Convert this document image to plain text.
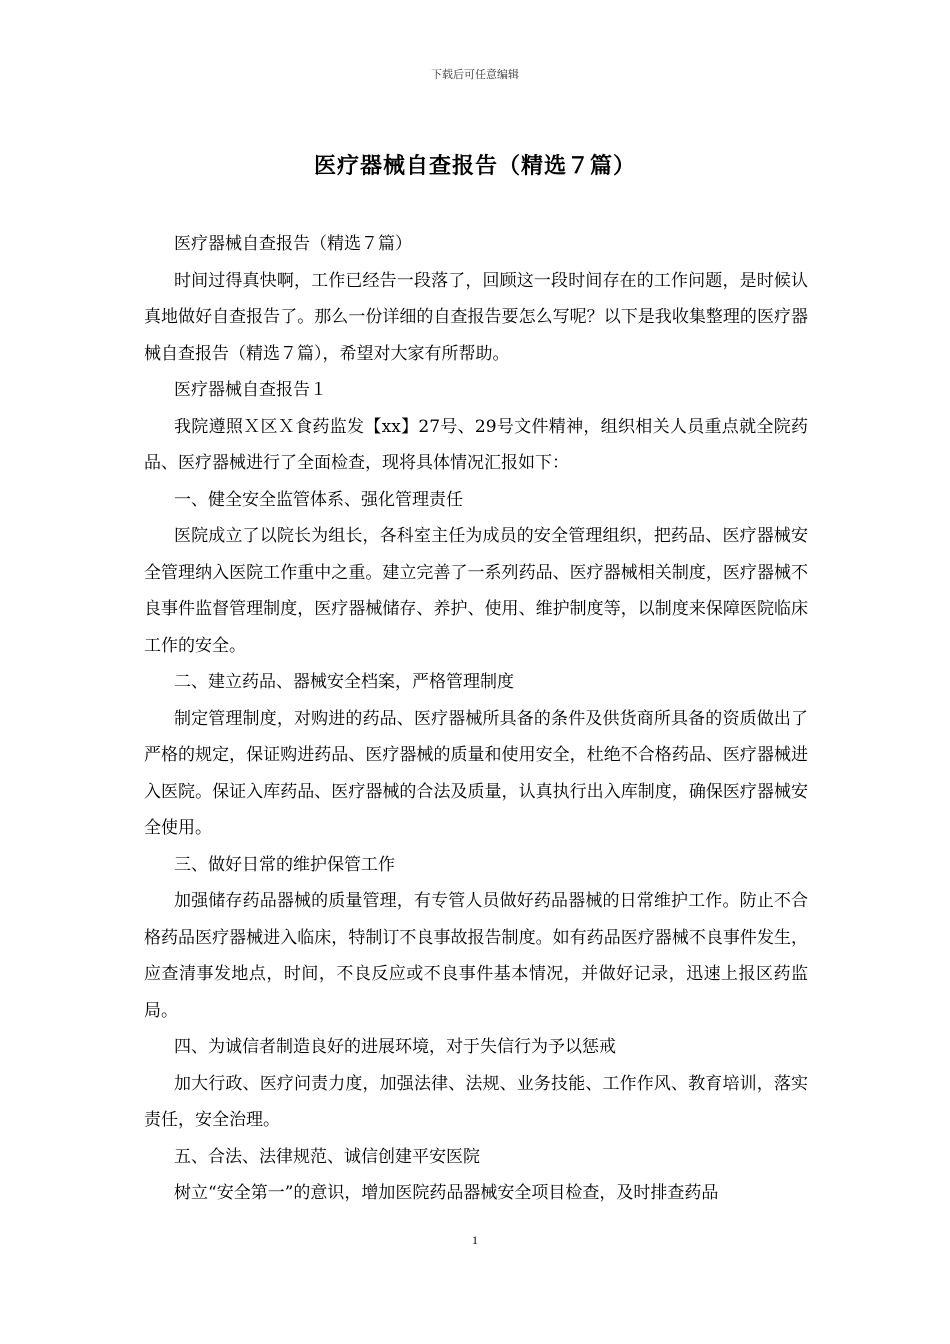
下载后可任意编辑
医疗器械自查报告（精选７篇）

医疗器械自查报告（精选７篇）

时间过得真快啊，工作已经告一段落了，回顾这一段时间存在的工作问题，是时候认真地做好自查报告了。那么一份详细的自查报告要怎么写呢？以下是我收集整理的医疗器械自查报告（精选７篇），希望对大家有所帮助。

医疗器械自查报告１

我院遵照Ｘ区Ｘ食药监发【xx】27号、29号文件精神，组织相关人员重点就全院药品、医疗器械进行了全面检查，现将具体情况汇报如下：

一、健全安全监管体系、强化管理责任

医院成立了以院长为组长，各科室主任为成员的安全管理组织，把药品、医疗器械安全管理纳入医院工作重中之重。建立完善了一系列药品、医疗器械相关制度，医疗器械不良事件监督管理制度，医疗器械储存、养护、使用、维护制度等，以制度来保障医院临床工作的安全。

二、建立药品、器械安全档案，严格管理制度

制定管理制度，对购进的药品、医疗器械所具备的条件及供货商所具备的资质做出了严格的规定，保证购进药品、医疗器械的质量和使用安全，杜绝不合格药品、医疗器械进入医院。保证入库药品、医疗器械的合法及质量，认真执行出入库制度，确保医疗器械安全使用。

三、做好日常的维护保管工作

加强储存药品器械的质量管理，有专管人员做好药品器械的日常维护工作。防止不合格药品医疗器械进入临床，特制订不良事故报告制度。如有药品医疗器械不良事件发生，应查清事发地点，时间，不良反应或不良事件基本情况，并做好记录，迅速上报区药监局。

四、为诚信者制造良好的进展环境，对于失信行为予以惩戒

加大行政、医疗问责力度，加强法律、法规、业务技能、工作作风、教育培训，落实责任，安全治理。

五、合法、法律规范、诚信创建平安医院

树立“安全第一”的意识，增加医院药品器械安全项目检查，及时排查药品

1
